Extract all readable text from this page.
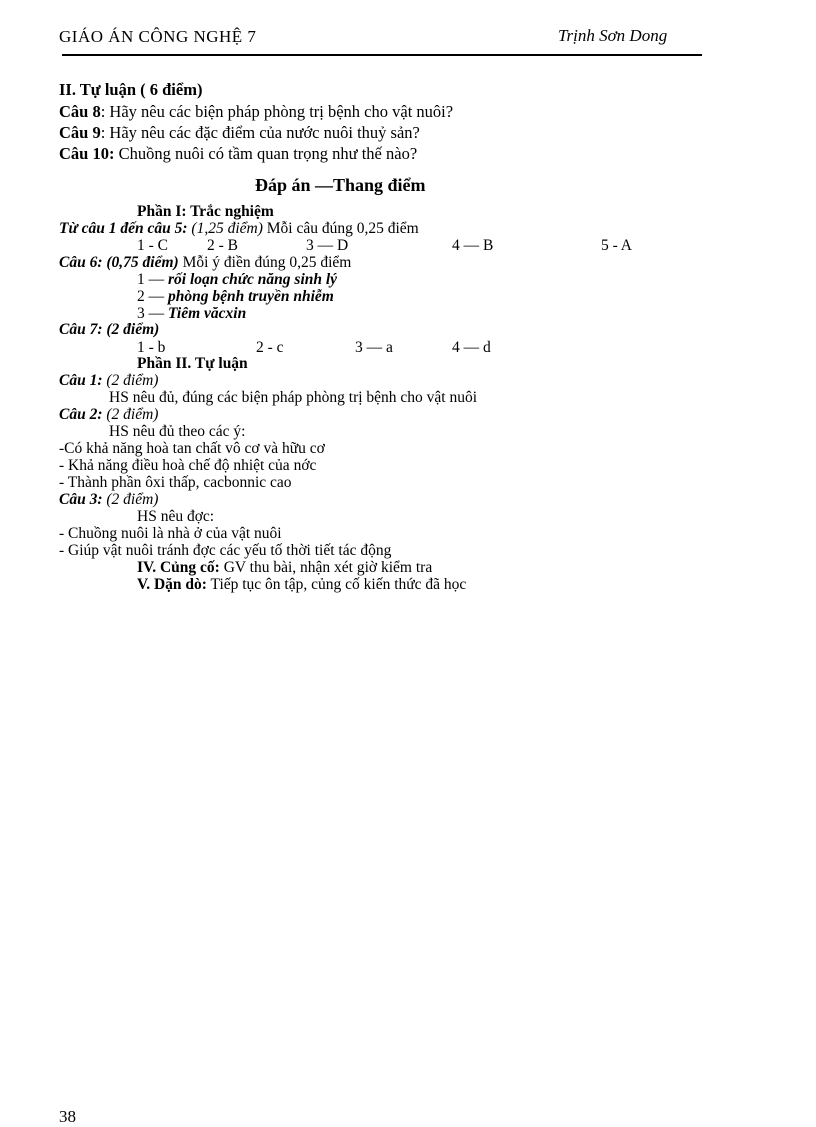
GIÁO ÁN CÔNG NGHỆ 7	Trịnh Sơn Dong
II. Tự luận ( 6 điểm)
Câu 8: Hãy nêu các biện pháp phòng trị bệnh cho vật nuôi?
Câu 9: Hãy nêu các đặc điểm của nước nuôi thuỷ sản?
Câu 10: Chuồng nuôi có tầm quan trọng như thế nào?
Đáp án —Thang điểm
Phần I: Trắc nghiệm
Từ câu 1 đến câu 5: (1,25 điểm) Mỗi câu đúng 0,25 điểm
1 - C	2 - B	3 — D	4 — B	5 - A
Câu 6: (0,75 điểm) Mỗi ý điền đúng 0,25 điểm
1 — rối loạn chức năng sinh lý
2 — phòng bệnh truyền nhiễm
3 — Tiêm văcxin
Câu 7: (2 điểm)
1 - b	2 - c	3 — a	4 — d
Phần II. Tự luận
Câu 1: (2 điểm)
HS nêu đủ, đúng các biện pháp phòng trị bệnh cho vật nuôi
Câu 2: (2 điểm)
HS nêu đủ theo các ý:
-Có khả năng hoà tan chất vô cơ và hữu cơ
- Khả năng điều hoà chế độ nhiệt của nớc
- Thành phần ôxi thấp, cacbonnic cao
Câu 3: (2 điểm)
HS nêu đợc:
- Chuồng nuôi là nhà ở của vật nuôi
- Giúp vật nuôi tránh đợc các yếu tố thời tiết tác động
IV. Củng cố: GV thu bài, nhận xét giờ kiểm tra
V. Dặn dò: Tiếp tục ôn tập, củng cố kiến thức đã học
38
